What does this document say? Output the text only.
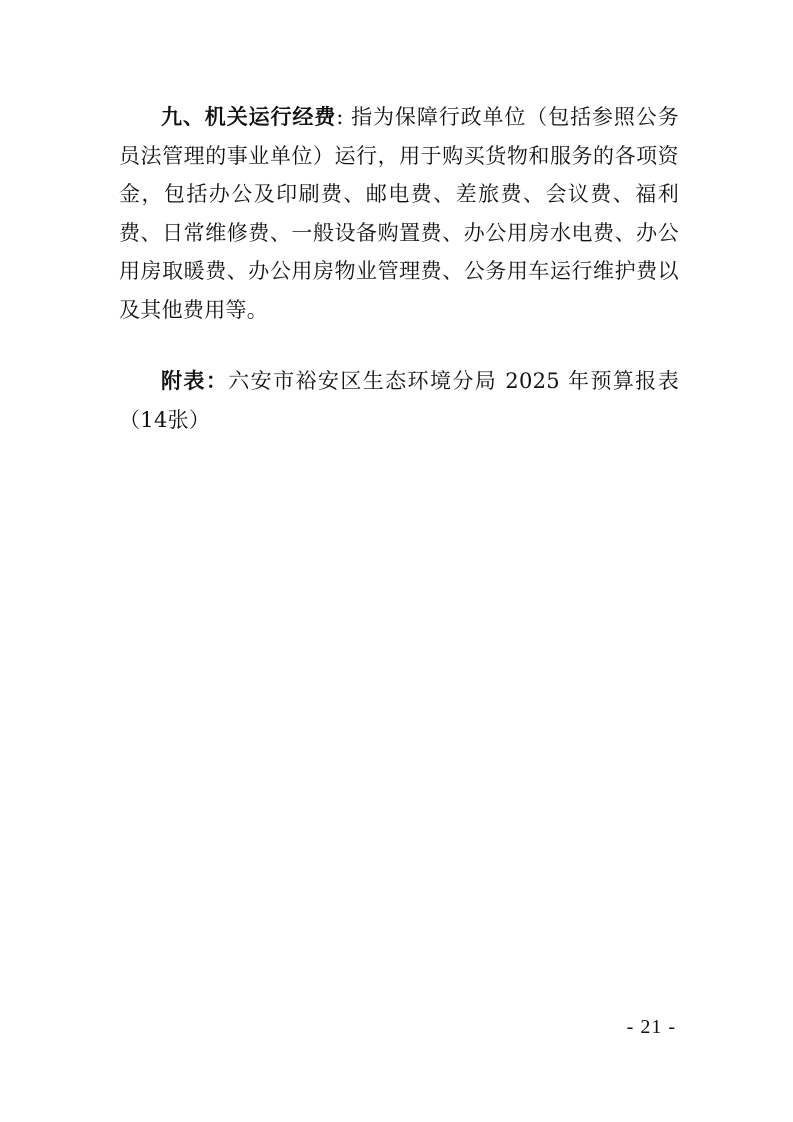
九、机关运行经费: 指为保障行政单位（包括参照公务员法管理的事业单位）运行，用于购买货物和服务的各项资金，包括办公及印刷费、邮电费、差旅费、会议费、福利费、日常维修费、一般设备购置费、办公用房水电费、办公用房取暖费、办公用房物业管理费、公务用车运行维护费以及其他费用等。

附表：六安市裕安区生态环境分局 2025 年预算报表（14张）

- 21 -
